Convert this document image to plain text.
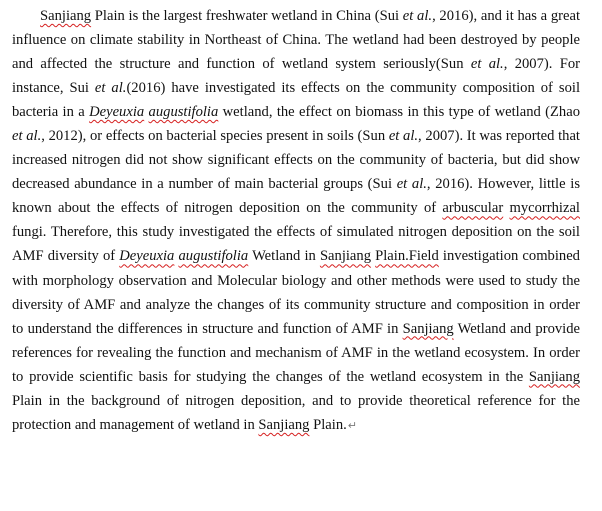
Sanjiang Plain is the largest freshwater wetland in China (Sui et al., 2016), and it has a great influence on climate stability in Northeast of China. The wetland had been destroyed by people and affected the structure and function of wetland system seriously(Sun et al., 2007). For instance, Sui et al.(2016) have investigated its effects on the community composition of soil bacteria in a Deyeuxia augustifolia wetland, the effect on biomass in this type of wetland (Zhao et al., 2012), or effects on bacterial species present in soils (Sun et al., 2007). It was reported that increased nitrogen did not show significant effects on the community of bacteria, but did show decreased abundance in a number of main bacterial groups (Sui et al., 2016). However, little is known about the effects of nitrogen deposition on the community of arbuscular mycorrhizal fungi. Therefore, this study investigated the effects of simulated nitrogen deposition on the soil AMF diversity of Deyeuxia augustifolia Wetland in Sanjiang Plain.Field investigation combined with morphology observation and Molecular biology and other methods were used to study the diversity of AMF and analyze the changes of its community structure and composition in order to understand the differences in structure and function of AMF in Sanjiang Wetland and provide references for revealing the function and mechanism of AMF in the wetland ecosystem. In order to provide scientific basis for studying the changes of the wetland ecosystem in the Sanjiang Plain in the background of nitrogen deposition, and to provide theoretical reference for the protection and management of wetland in Sanjiang Plain.↵
